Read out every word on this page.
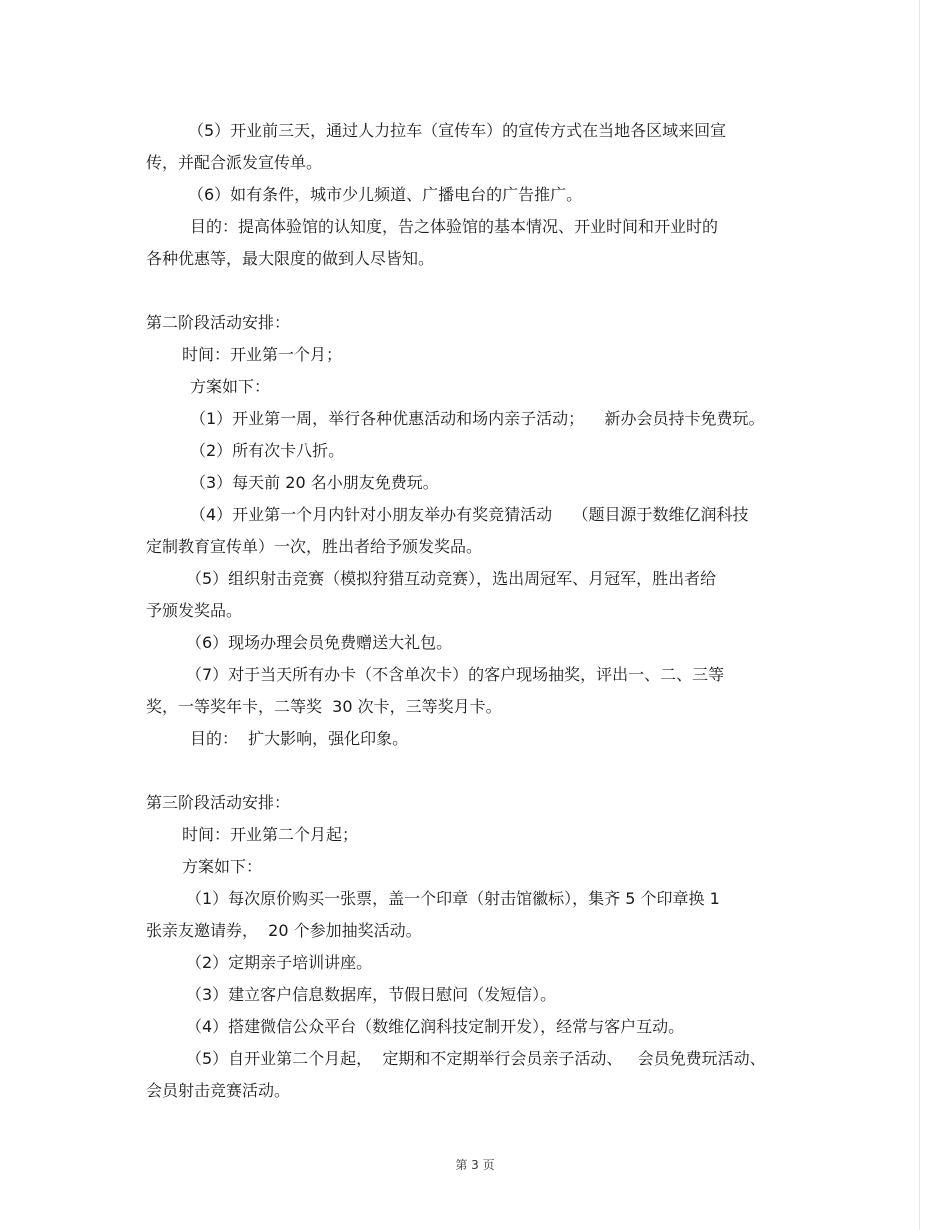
（5）开业前三天，通过人力拉车（宣传车）的宣传方式在当地各区域来回宣
传，并配合派发宣传单。
（6）如有条件，城市少儿频道、广播电台的广告推广。
目的：提高体验馆的认知度，告之体验馆的基本情况、开业时间和开业时的
各种优惠等，最大限度的做到人尽皆知。
第二阶段活动安排：
时间：开业第一个月；
方案如下：
（1）开业第一周，举行各种优惠活动和场内亲子活动；    新办会员持卡免费玩。
（2）所有次卡八折。
（3）每天前 20 名小朋友免费玩。
（4）开业第一个月内针对小朋友举办有奖竞猜活动    （题目源于数维亿润科技
定制教育宣传单）一次，胜出者给予颁发奖品。
（5）组织射击竞赛（模拟狩猎互动竞赛），选出周冠军、月冠军，胜出者给
予颁发奖品。
（6）现场办理会员免费赠送大礼包。
（7）对于当天所有办卡（不含单次卡）的客户现场抽奖，评出一、二、三等
奖，一等奖年卡，二等奖  30 次卡，三等奖月卡。
目的：  扩大影响，强化印象。
第三阶段活动安排：
时间：开业第二个月起；
方案如下：
（1）每次原价购买一张票，盖一个印章（射击馆徽标），集齐 5 个印章换 1
张亲友邀请券，  20 个参加抽奖活动。
（2）定期亲子培训讲座。
（3）建立客户信息数据库，节假日慰问（发短信）。
（4）搭建微信公众平台（数维亿润科技定制开发），经常与客户互动。
（5）自开业第二个月起，  定期和不定期举行会员亲子活动、   会员免费玩活动、
会员射击竞赛活动。
第 3 页
